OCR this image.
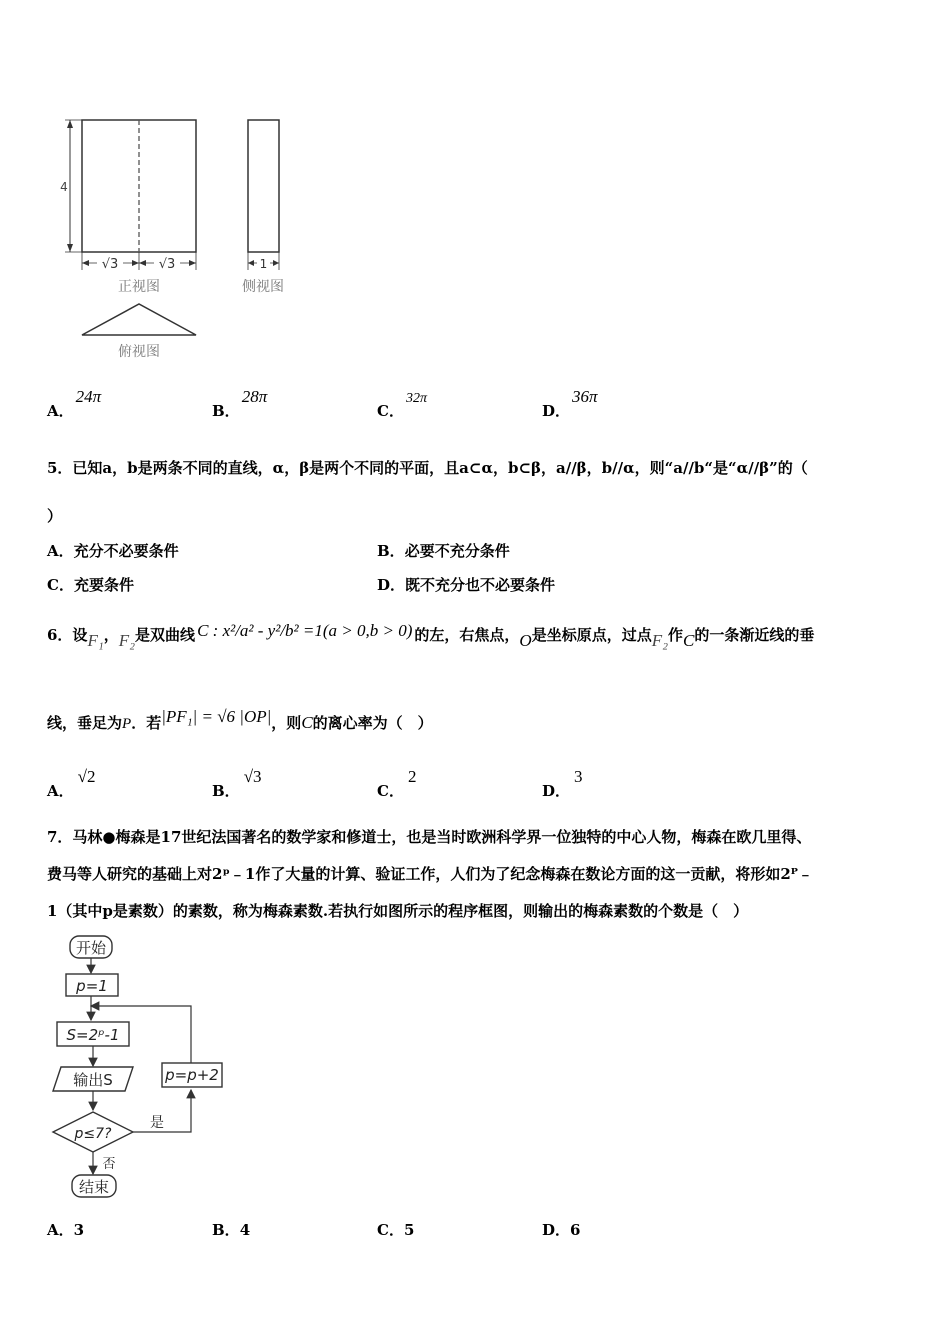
4
√3	√3
正视图
1
侧视图
俯视图
A．24π
B．28π
C．32π
D．36π
5．已知a，b是两条不同的直线，α，β是两个不同的平面，且a⊂α，b⊂β，a//β，b//α，则“a//b“是“α//β”的（
）
A．充分不必要条件	B．必要不充分条件
C．充要条件	D．既不充分也不必要条件
6．设F₁，F₂是双曲线 C : x²/a² - y²/b² =1(a > 0,b > 0) 的左，右焦点，O是坐标原点，过点F₂作C的一条渐近线的垂
线，垂足为P．若|PF₁| = √6 |OP|，则C的离心率为（　）
A．√2
B．√3
C．2
D．3
7．马林●梅森是17世纪法国著名的数学家和修道士，也是当时欧洲科学界一位独特的中心人物，梅森在欧几里得、
费马等人研究的基础上对2ᵖ﹣1作了大量的计算、验证工作，人们为了纪念梅森在数论方面的这一贡献，将形如2ᴾ﹣
1（其中p是素数）的素数，称为梅森素数.若执行如图所示的程序框图，则输出的梅森素数的个数是（　）
开始
p=1
S=2ᵖ-1
输出S
p≤7?
是
p=p+2
否
结束
A．3	B．4	C．5	D．6
